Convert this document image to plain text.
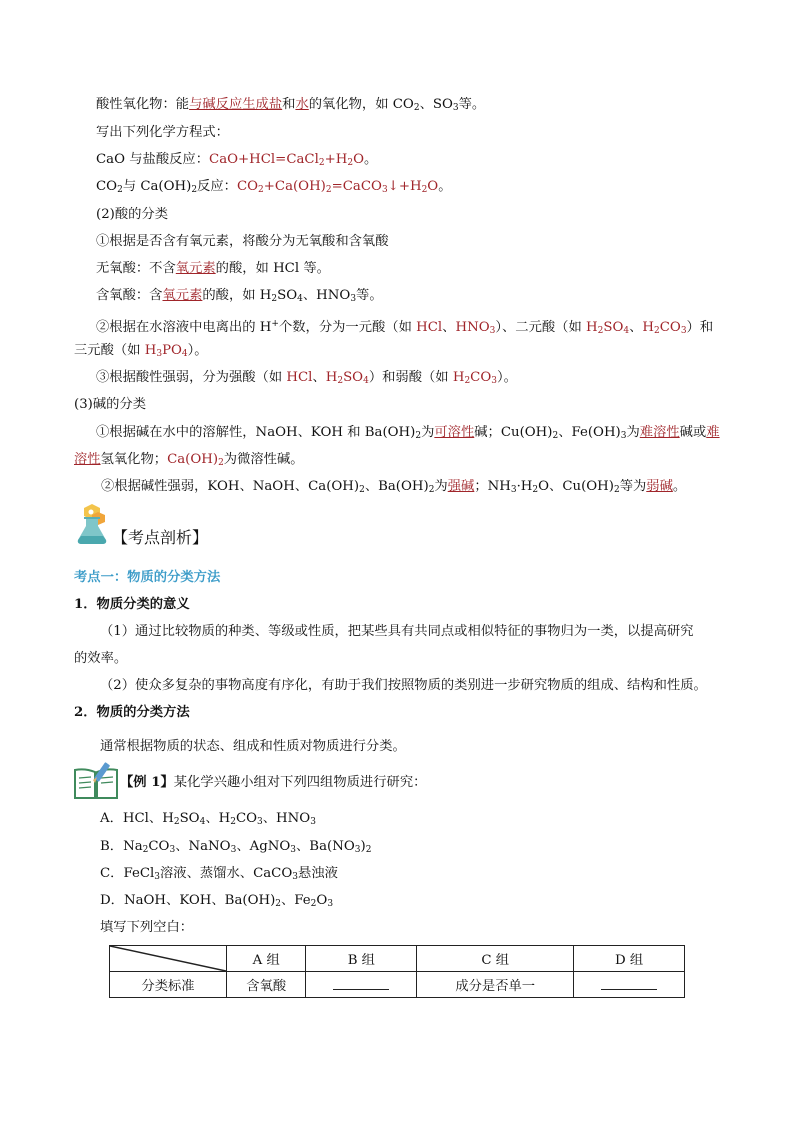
酸性氧化物：能与碱反应生成盐和水的氧化物，如 $CO_2$、$SO_3$等。
写出下列化学方程式：
CaO 与盐酸反应：$CaO+HCl=CaCl_2+H_2O$。
$CO_2$与 $Ca(OH)_2$反应：$CO_2+Ca(OH)_2=CaCO_3↓+H_2O$。
(2)酸的分类
①根据是否含有氧元素，将酸分为无氧酸和含氧酸
无氧酸：不含氧元素的酸，如 HCl 等。
含氧酸：含氧元素的酸，如 $H_2SO_4$、$HNO_3$等。
②根据在水溶液中电离出的 H+个数，分为一元酸（如 HCl、$HNO_3$）、二元酸（如 $H_2SO_4$、$H_2CO_3$）和
三元酸（如 $H_3PO_4$）。
③根据酸性强弱，分为强酸（如 HCl、$H_2SO_4$）和弱酸（如 $H_2CO_3$）。
(3)碱的分类
①根据碱在水中的溶解性，NaOH、KOH 和 $Ba(OH)_2$为可溶性碱；$Cu(OH)_2$、$Fe(OH)_3$为难溶性碱或难
溶性氢氧化物；$Ca(OH)_2$为微溶性碱。
②根据碱性强弱，KOH、NaOH、$Ca(OH)_2$、$Ba(OH)_2$为强碱；$NH_3\cdot H_2O$、$Cu(OH)_2$等为弱碱。
【考点剖析】
考点一：物质的分类方法
1．物质分类的意义
（1）通过比较物质的种类、等级或性质，把某些具有共同点或相似特征的事物归为一类，以提高研究
的效率。
（2）使众多复杂的事物高度有序化，有助于我们按照物质的类别进一步研究物质的组成、结构和性质。
2．物质的分类方法
通常根据物质的状态、组成和性质对物质进行分类。
【例 1】某化学兴趣小组对下列四组物质进行研究：
A．HCl、$H_2SO_4$、$H_2CO_3$、$HNO_3$
B．$Na_2CO_3$、NaNO$_3$、AgNO$_3$、$Ba(NO_3)_2$
C．FeCl$_3$溶液、蒸馏水、CaCO$_3$悬浊液
D．NaOH、KOH、$Ba(OH)_2$、$Fe_2O_3$
填写下列空白：
	A 组	B 组	C 组	D 组
分类标准	含氧酸		成分是否单一	
